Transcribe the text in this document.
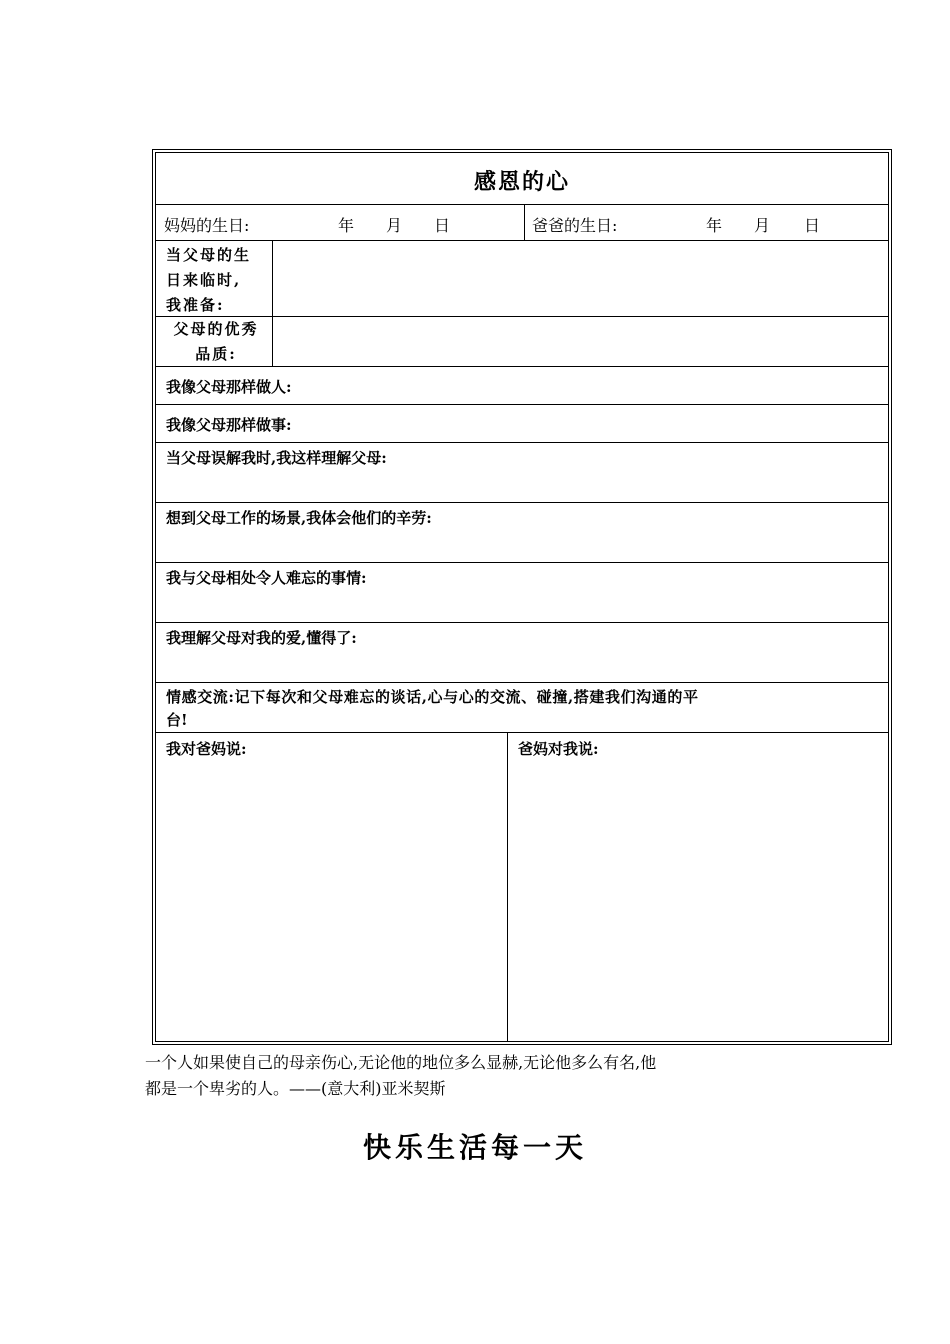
感恩的心
妈妈的生日:	年 月 日	爸爸的生日:	年 月 日
当父母的生
日来临时,
我准备:
父母的优秀
品质:
我像父母那样做人:
我像父母那样做事:
当父母误解我时,我这样理解父母:
想到父母工作的场景,我体会他们的辛劳:
我与父母相处令人难忘的事情:
我理解父母对我的爱,懂得了:
情感交流:记下每次和父母难忘的谈话,心与心的交流、碰撞,搭建我们沟通的平
台!
我对爸妈说:	爸妈对我说:
一个人如果使自己的母亲伤心,无论他的地位多么显赫,无论他多么有名,他
都是一个卑劣的人。——(意大利)亚米契斯
快乐生活每一天
